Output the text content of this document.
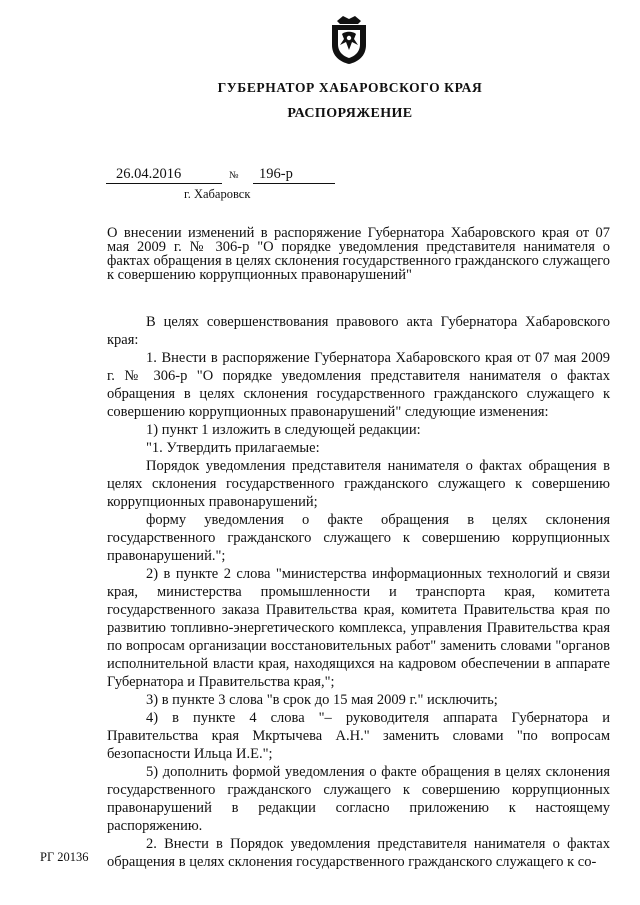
ГУБЕРНАТОР ХАБАРОВСКОГО КРАЯ
РАСПОРЯЖЕНИЕ
26.04.2016	№	196-р
г. Хабаровск
О внесении изменений в распоряжение Губернатора Хабаровского края от 07 мая 2009 г. № 306-р "О порядке уведомления представителя нанимателя о фактах обращения в целях склонения государственного гражданского служащего к совершению коррупционных правонарушений"

В целях совершенствования правового акта Губернатора Хабаровского края:

1. Внести в распоряжение Губернатора Хабаровского края от 07 мая 2009 г. № 306-р "О порядке уведомления представителя нанимателя о фактах обращения в целях склонения государственного гражданского служащего к совершению коррупционных правонарушений" следующие изменения:

1) пункт 1 изложить в следующей редакции:

"1. Утвердить прилагаемые:

Порядок уведомления представителя нанимателя о фактах обращения в целях склонения государственного гражданского служащего к совершению коррупционных правонарушений;

форму уведомления о факте обращения в целях склонения государственного гражданского служащего к совершению коррупционных правонарушений.";

2) в пункте 2 слова "министерства информационных технологий и связи края, министерства промышленности и транспорта края, комитета государственного заказа Правительства края, комитета Правительства края по развитию топливно-энергетического комплекса, управления Правительства края по вопросам организации восстановительных работ" заменить словами "органов исполнительной власти края, находящихся на кадровом обеспечении в аппарате Губернатора и Правительства края,";

3) в пункте 3 слова "в срок до 15 мая 2009 г." исключить;

4) в пункте 4 слова "– руководителя аппарата Губернатора и Правительства края Мкртычева А.Н." заменить словами "по вопросам безопасности Ильца И.Е.";

5) дополнить формой уведомления о факте обращения в целях склонения государственного гражданского служащего к совершению коррупционных правонарушений в редакции согласно приложению к настоящему распоряжению.

2. Внести в Порядок уведомления представителя нанимателя о фактах обращения в целях склонения государственного гражданского служащего к со-

РГ 20136
